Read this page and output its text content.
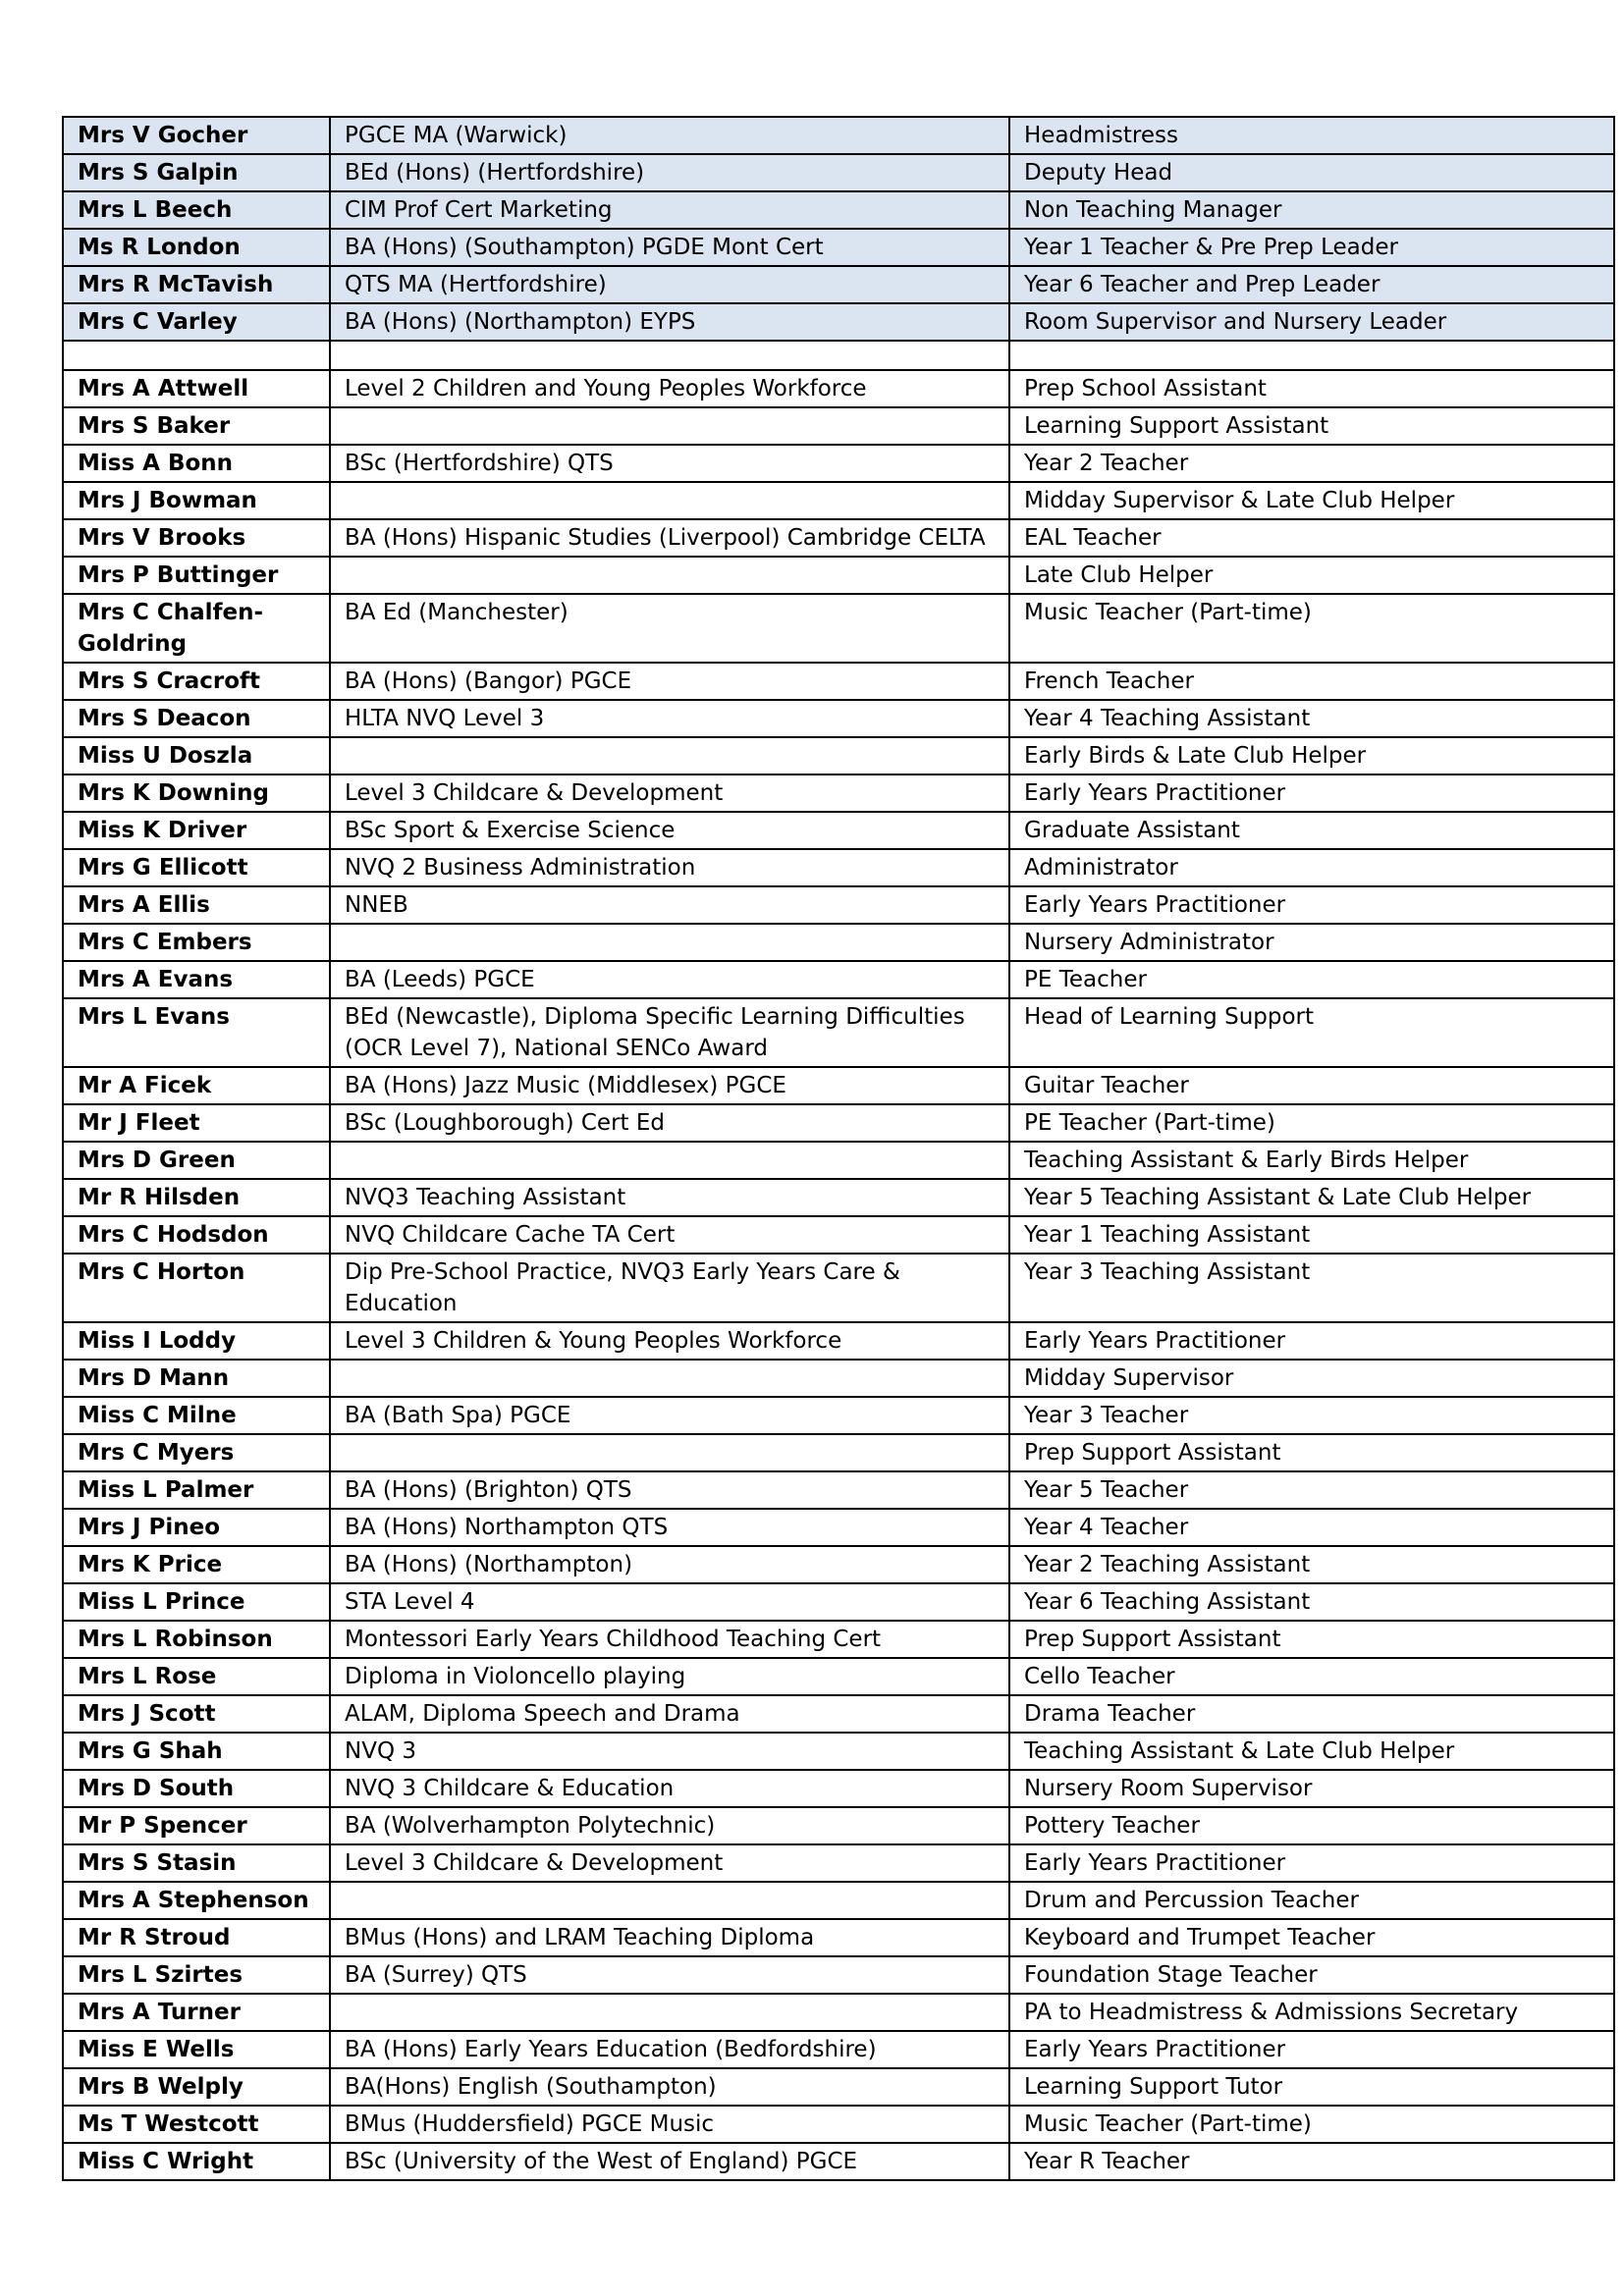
Mrs V Gocher	PGCE MA (Warwick)	Headmistress
Mrs S Galpin	BEd (Hons) (Hertfordshire)	Deputy Head
Mrs L Beech	CIM Prof Cert Marketing	Non Teaching Manager
Ms R London	BA (Hons) (Southampton) PGDE Mont Cert	Year 1 Teacher & Pre Prep Leader
Mrs R McTavish	QTS MA (Hertfordshire)	Year 6 Teacher and Prep Leader
Mrs C Varley	BA (Hons) (Northampton) EYPS	Room Supervisor and Nursery Leader

Mrs A Attwell	Level 2 Children and Young Peoples Workforce	Prep School Assistant
Mrs S Baker		Learning Support Assistant
Miss A Bonn	BSc (Hertfordshire) QTS	Year 2 Teacher
Mrs J Bowman		Midday Supervisor & Late Club Helper
Mrs V Brooks	BA (Hons) Hispanic Studies (Liverpool) Cambridge CELTA	EAL Teacher
Mrs P Buttinger		Late Club Helper
Mrs C Chalfen-Goldring	BA Ed (Manchester)	Music Teacher (Part-time)
Mrs S Cracroft	BA (Hons) (Bangor) PGCE	French Teacher
Mrs S Deacon	HLTA NVQ Level 3	Year 4 Teaching Assistant
Miss U Doszla		Early Birds & Late Club Helper
Mrs K Downing	Level 3 Childcare & Development	Early Years Practitioner
Miss K Driver	BSc Sport & Exercise Science	Graduate Assistant
Mrs G Ellicott	NVQ 2 Business Administration	Administrator
Mrs A Ellis	NNEB	Early Years Practitioner
Mrs C Embers		Nursery Administrator
Mrs A Evans	BA (Leeds) PGCE	PE Teacher
Mrs L Evans	BEd (Newcastle), Diploma Specific Learning Difficulties (OCR Level 7), National SENCo Award	Head of Learning Support
Mr A Ficek	BA (Hons) Jazz Music (Middlesex) PGCE	Guitar Teacher
Mr J Fleet	BSc (Loughborough) Cert Ed	PE Teacher (Part-time)
Mrs D Green		Teaching Assistant & Early Birds Helper
Mr R Hilsden	NVQ3 Teaching Assistant	Year 5 Teaching Assistant & Late Club Helper
Mrs C Hodsdon	NVQ Childcare Cache TA Cert	Year 1 Teaching Assistant
Mrs C Horton	Dip Pre-School Practice, NVQ3 Early Years Care & Education	Year 3 Teaching Assistant
Miss I Loddy	Level 3 Children & Young Peoples Workforce	Early Years Practitioner
Mrs D Mann		Midday Supervisor
Miss C Milne	BA (Bath Spa) PGCE	Year 3 Teacher
Mrs C Myers		Prep Support Assistant
Miss L Palmer	BA (Hons) (Brighton) QTS	Year 5 Teacher
Mrs J Pineo	BA (Hons) Northampton QTS	Year 4 Teacher
Mrs K Price	BA (Hons) (Northampton)	Year 2 Teaching Assistant
Miss L Prince	STA Level 4	Year 6 Teaching Assistant
Mrs L Robinson	Montessori Early Years Childhood Teaching Cert	Prep Support Assistant
Mrs L Rose	Diploma in Violoncello playing	Cello Teacher
Mrs J Scott	ALAM, Diploma Speech and Drama	Drama Teacher
Mrs G Shah	NVQ 3	Teaching Assistant & Late Club Helper
Mrs D South	NVQ 3 Childcare & Education	Nursery Room Supervisor
Mr P Spencer	BA (Wolverhampton Polytechnic)	Pottery Teacher
Mrs S Stasin	Level 3 Childcare & Development	Early Years Practitioner
Mrs A Stephenson		Drum and Percussion Teacher
Mr R Stroud	BMus (Hons) and LRAM Teaching Diploma	Keyboard and Trumpet Teacher
Mrs L Szirtes	BA (Surrey) QTS	Foundation Stage Teacher
Mrs A Turner		PA to Headmistress & Admissions Secretary
Miss E Wells	BA (Hons) Early Years Education (Bedfordshire)	Early Years Practitioner
Mrs B Welply	BA(Hons) English (Southampton)	Learning Support Tutor
Ms T Westcott	BMus (Huddersfield) PGCE Music	Music Teacher (Part-time)
Miss C Wright	BSc (University of the West of England) PGCE	Year R Teacher
